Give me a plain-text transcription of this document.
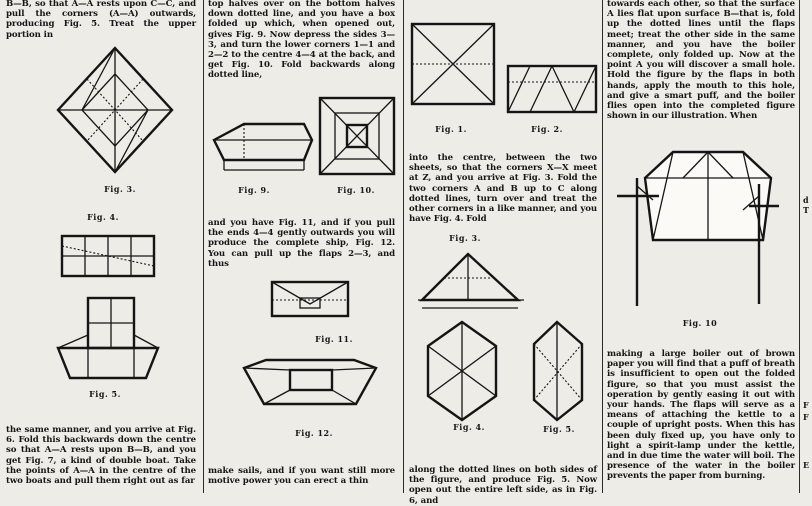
B—B, so that A—A rests upon C—C, and pull the corners (A—A) outwards, producing Fig. 5. Treat the upper portion in
Fig. 3.
Fig. 4.
Fig. 5.
the same manner, and you arrive at Fig. 6. Fold this backwards down the centre so that A—A rests upon B—B, and you get Fig. 7, a kind of double boat. Take the points of A—A in the centre of the two boats and pull them right out as far
top halves over on the bottom halves down dotted line, and you have a box folded up which, when opened out, gives Fig. 9. Now depress the sides 3—3, and turn the lower corners 1—1 and 2—2 to the centre 4—4 at the back, and get Fig. 10. Fold backwards along dotted line,
Fig. 9.	Fig. 10.
and you have Fig. 11, and if you pull the ends 4—4 gently outwards you will produce the complete ship, Fig. 12. You can pull up the flaps 2—3, and thus
Fig. 11.
Fig. 12.
make sails, and if you want still more motive power you can erect a thin
Fig. 1.	Fig. 2.
into the centre, between the two sheets, so that the corners X—X meet at Z, and you arrive at Fig. 3. Fold the two corners A and B up to C along dotted lines, turn over and treat the other corners in a like manner, and you have Fig. 4. Fold
Fig. 3.
Fig. 4.	Fig. 5.
along the dotted lines on both sides of the figure, and produce Fig. 5. Now open out the entire left side, as in Fig. 6, and
towards each other, so that the surface A lies flat upon surface B—that is, fold up the dotted lines until the flaps meet; treat the other side in the same manner, and you have the boiler complete, only folded up. Now at the point A you will discover a small hole. Hold the figure by the flaps in both hands, apply the mouth to this hole, and give a smart puff, and the boiler flies open into the completed figure shown in our illustration. When
Fig. 10
making a large boiler out of brown paper you will find that a puff of breath is insufficient to open out the folded figure, so that you must assist the operation by gently easing it out with your hands. The flaps will serve as a means of attaching the kettle to a couple of upright posts. When this has been duly fixed up, you have only to light a spirit-lamp under the kettle, and in due time the water will boil. The presence of the water in the boiler prevents the paper from burning.
d
T
F
F
E
